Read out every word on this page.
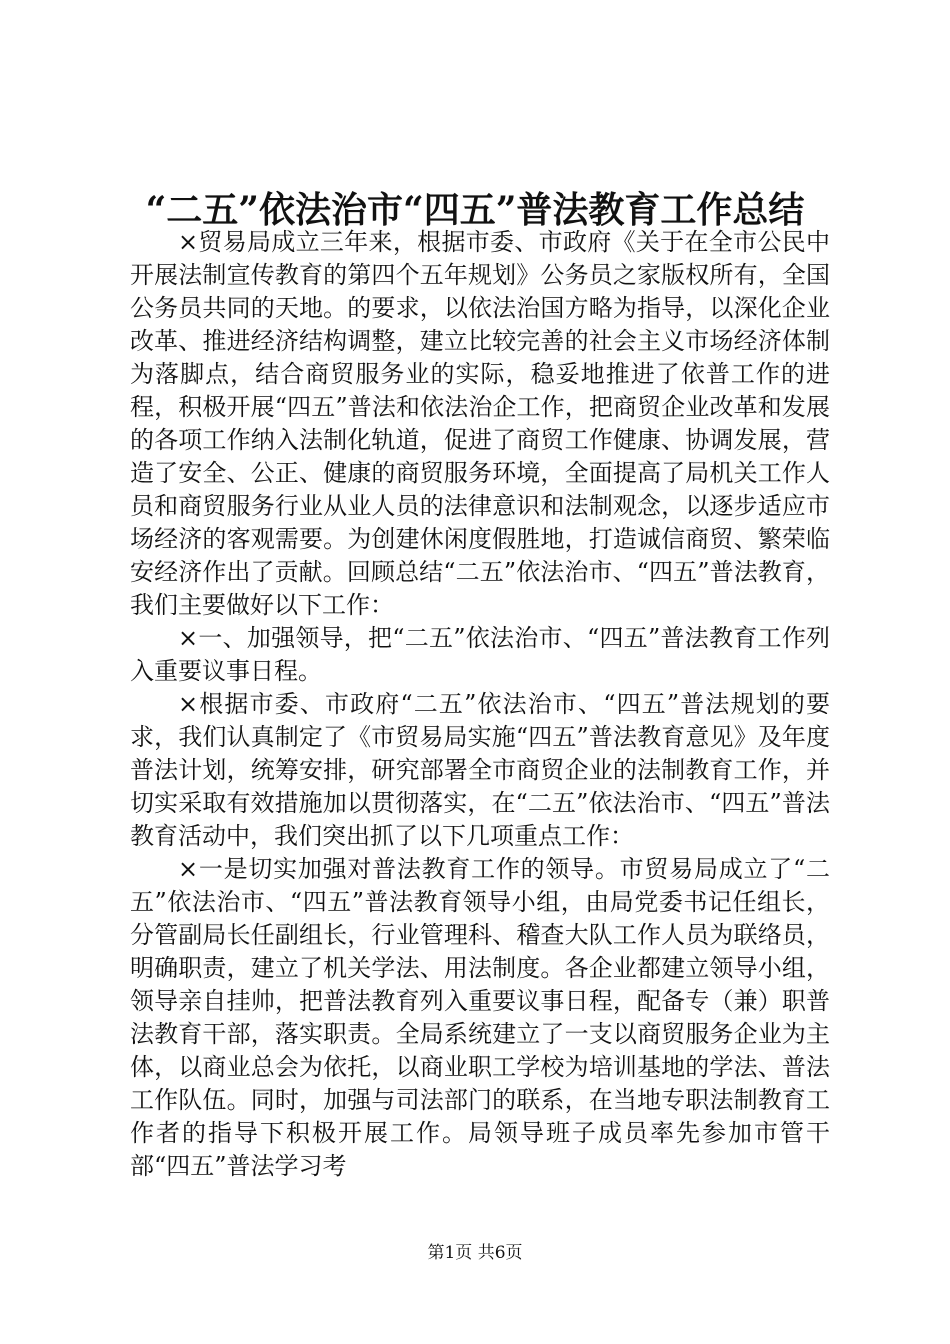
“二五”依法治市“四五”普法教育工作总结

×贸易局成立三年来，根据市委、市政府《关于在全市公民中开展法制宣传教育的第四个五年规划》公务员之家版权所有，全国公务员共同的天地。的要求，以依法治国方略为指导，以深化企业改革、推进经济结构调整，建立比较完善的社会主义市场经济体制为落脚点，结合商贸服务业的实际，稳妥地推进了依普工作的进程，积极开展“四五”普法和依法治企工作，把商贸企业改革和发展的各项工作纳入法制化轨道，促进了商贸工作健康、协调发展，营造了安全、公正、健康的商贸服务环境，全面提高了局机关工作人员和商贸服务行业从业人员的法律意识和法制观念，以逐步适应市场经济的客观需要。为创建休闲度假胜地，打造诚信商贸、繁荣临安经济作出了贡献。回顾总结“二五”依法治市、“四五”普法教育，我们主要做好以下工作：

×一、加强领导，把“二五”依法治市、“四五”普法教育工作列入重要议事日程。

×根据市委、市政府“二五”依法治市、“四五”普法规划的要求，我们认真制定了《市贸易局实施“四五”普法教育意见》及年度普法计划，统筹安排，研究部署全市商贸企业的法制教育工作，并切实采取有效措施加以贯彻落实，在“二五”依法治市、“四五”普法教育活动中，我们突出抓了以下几项重点工作：

×一是切实加强对普法教育工作的领导。市贸易局成立了“二五”依法治市、“四五”普法教育领导小组，由局党委书记任组长，分管副局长任副组长，行业管理科、稽查大队工作人员为联络员，明确职责，建立了机关学法、用法制度。各企业都建立领导小组，领导亲自挂帅，把普法教育列入重要议事日程，配备专（兼）职普法教育干部，落实职责。全局系统建立了一支以商贸服务企业为主体，以商业总会为依托，以商业职工学校为培训基地的学法、普法工作队伍。同时，加强与司法部门的联系，在当地专职法制教育工作者的指导下积极开展工作。局领导班子成员率先参加市管干部“四五”普法学习考

第1页 共6页
